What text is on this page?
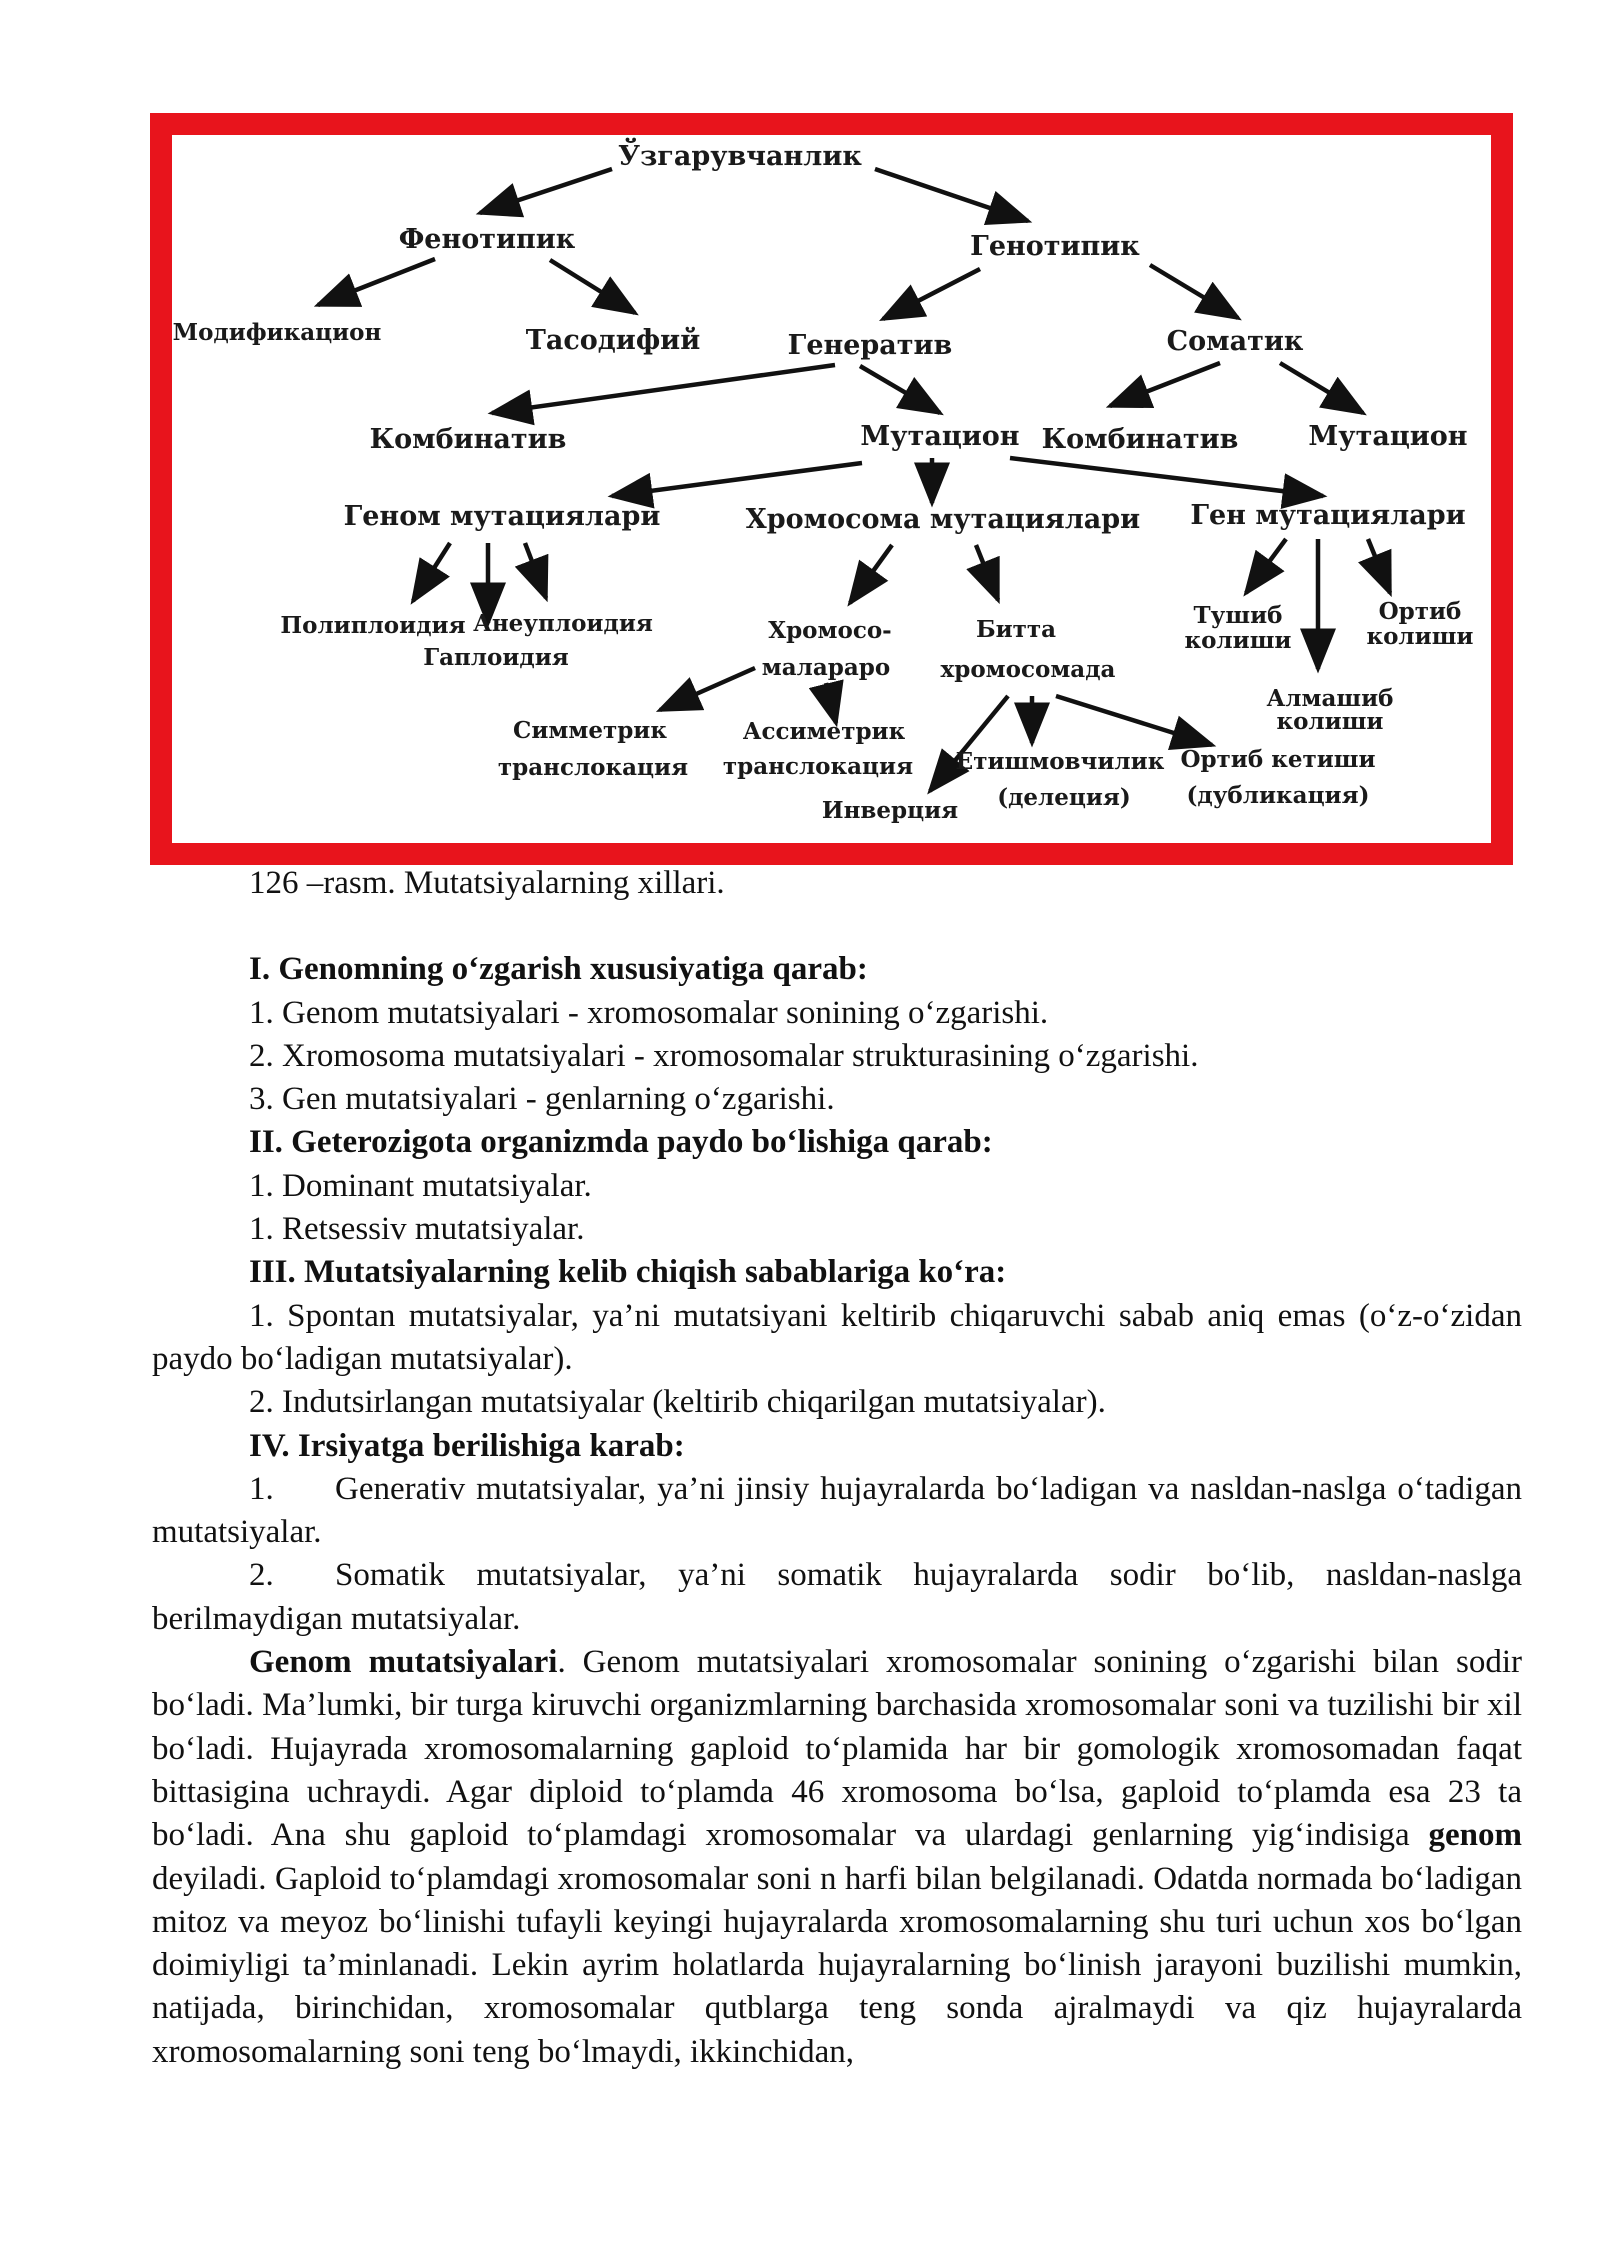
Ўзгарувчанлик
Фенотипик	Генотипик
Модификацион	Тасодифий	Генератив	Соматик
Комбинатив	Мутацион Комбинатив	Мутацион
Геном мутациялари	Хромосома мутациялари Ген мутациялари
Полиплоидия
Гаплоидия
Анеуплоидия	Хромосо-
малараро
Битта
хромосомада
Тушиб
колиши
Ортиб
колиши
Алмашиб
колиши
Симметрик
транслокация
Ассиметрик
транслокация
Инверция
Етишмовчилик
(делеция)
Ортиб кетиши
(дубликация)

126 –rasm. Mutatsiyalarning xillari.

I. Genomning o‘zgarish xususiyatiga qarab:

1. Genom mutatsiyalari - xromosomalar sonining o‘zgarishi.

2. Xromosoma mutatsiyalari - xromosomalar strukturasining o‘zgarishi.

3. Gen mutatsiyalari - genlarning o‘zgarishi.

II. Geterozigota organizmda paydo bo‘lishiga qarab:

1. Dominant mutatsiyalar.

1. Retsessiv mutatsiyalar.

III. Mutatsiyalarning kelib chiqish sabablariga ko‘ra:

1. Spontan mutatsiyalar, ya’ni mutatsiyani keltirib chiqaruvchi sabab aniq emas (o‘z-o‘zidan paydo bo‘ladigan mutatsiyalar).

2. Indutsirlangan mutatsiyalar (keltirib chiqarilgan mutatsiyalar).

IV. Irsiyatga berilishiga karab:

1. Generativ mutatsiyalar, ya’ni jinsiy hujayralarda bo‘ladigan va nasldan-naslga o‘tadigan mutatsiyalar.

2. Somatik mutatsiyalar, ya’ni somatik hujayralarda sodir bo‘lib, nasldan-naslga berilmaydigan mutatsiyalar.

Genom mutatsiyalari. Genom mutatsiyalari xromosomalar sonining o‘zgarishi bilan sodir bo‘ladi. Ma’lumki, bir turga kiruvchi organizmlarning barchasida xromosomalar soni va tuzilishi bir xil bo‘ladi. Hujayrada xromosomalarning gaploid to‘plamida har bir gomologik xromosomadan faqat bittasigina uchraydi. Agar diploid to‘plamda 46 xromosoma bo‘lsa, gaploid to‘plamda esa 23 ta bo‘ladi. Ana shu gaploid to‘plamdagi xromosomalar va ulardagi genlarning yig‘indisiga genom deyiladi. Gaploid to‘plamdagi xromosomalar soni n harfi bilan belgilanadi. Odatda normada bo‘ladigan mitoz va meyoz bo‘linishi tufayli keyingi hujayralarda xromosomalarning shu turi uchun xos bo‘lgan doimiyligi ta’minlanadi. Lekin ayrim holatlarda hujayralarning bo‘linish jarayoni buzilishi mumkin, natijada, birinchidan, xromosomalar qutblarga teng sonda ajralmaydi va qiz hujayralarda xromosomalarning soni teng bo‘lmaydi, ikkinchidan,
